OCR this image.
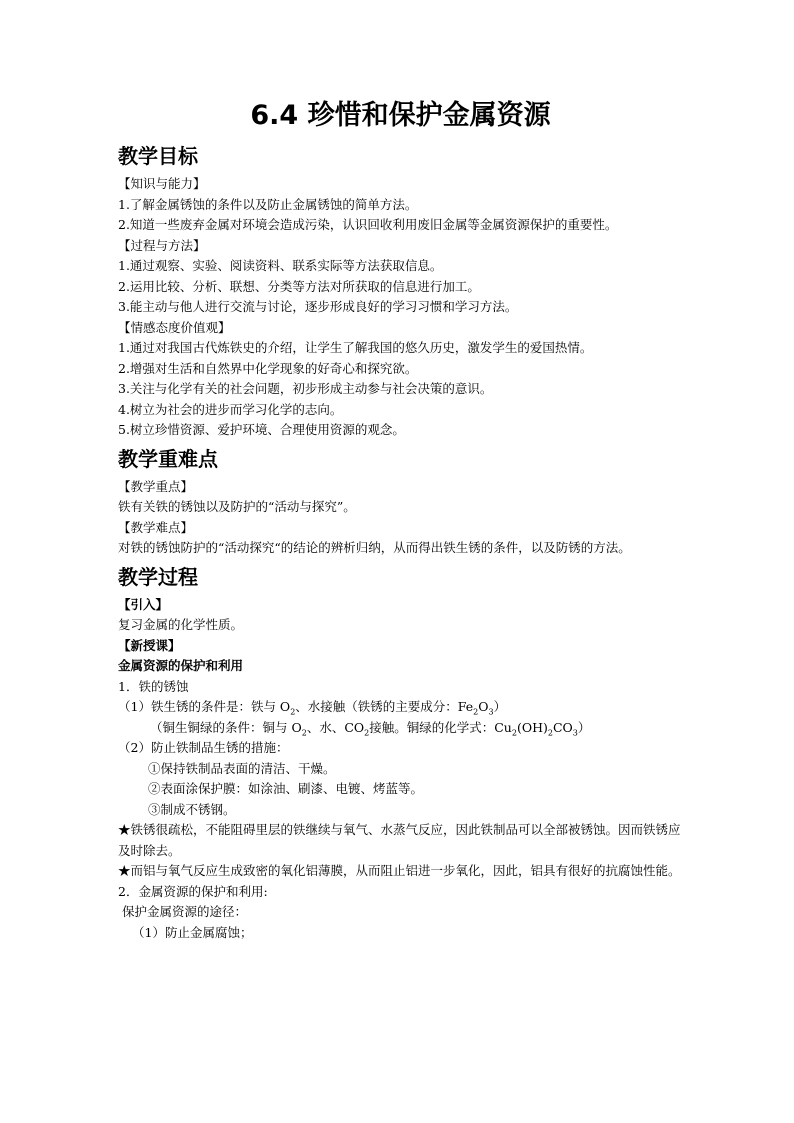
6.4 珍惜和保护金属资源
教学目标
【知识与能力】
1.了解金属锈蚀的条件以及防止金属锈蚀的简单方法。
2.知道一些废弃金属对环境会造成污染，认识回收利用废旧金属等金属资源保护的重要性。
【过程与方法】
1.通过观察、实验、阅读资料、联系实际等方法获取信息。
2.运用比较、分析、联想、分类等方法对所获取的信息进行加工。
3.能主动与他人进行交流与讨论，逐步形成良好的学习习惯和学习方法。
【情感态度价值观】
1.通过对我国古代炼铁史的介绍，让学生了解我国的悠久历史，激发学生的爱国热情。
2.增强对生活和自然界中化学现象的好奇心和探究欲。
3.关注与化学有关的社会问题，初步形成主动参与社会决策的意识。
4.树立为社会的进步而学习化学的志向。
5.树立珍惜资源、爱护环境、合理使用资源的观念。
教学重难点
【教学重点】
铁有关铁的锈蚀以及防护的“活动与探究”。
【教学难点】
对铁的锈蚀防护的“活动探究“的结论的辨析归纳，从而得出铁生锈的条件，以及防锈的方法。
教学过程
【引入】
复习金属的化学性质。
【新授课】
金属资源的保护和利用
1．铁的锈蚀
（1）铁生锈的条件是：铁与 $O_2$、水接触（铁锈的主要成分：$Fe_2O_3$）
（铜生铜绿的条件：铜与 $O_2$、水、$CO_2$接触。铜绿的化学式：$Cu_2(OH)_2CO_3$）
（2）防止铁制品生锈的措施：
①保持铁制品表面的清洁、干燥。
②表面涂保护膜：如涂油、刷漆、电镀、烤蓝等。
③制成不锈钢。
★铁锈很疏松，不能阻碍里层的铁继续与氧气、水蒸气反应，因此铁制品可以全部被锈蚀。因而铁锈应及时除去。
★而铝与氧气反应生成致密的氧化铝薄膜，从而阻止铝进一步氧化，因此，铝具有很好的抗腐蚀性能。
2．金属资源的保护和利用:
保护金属资源的途径：
（1）防止金属腐蚀；
